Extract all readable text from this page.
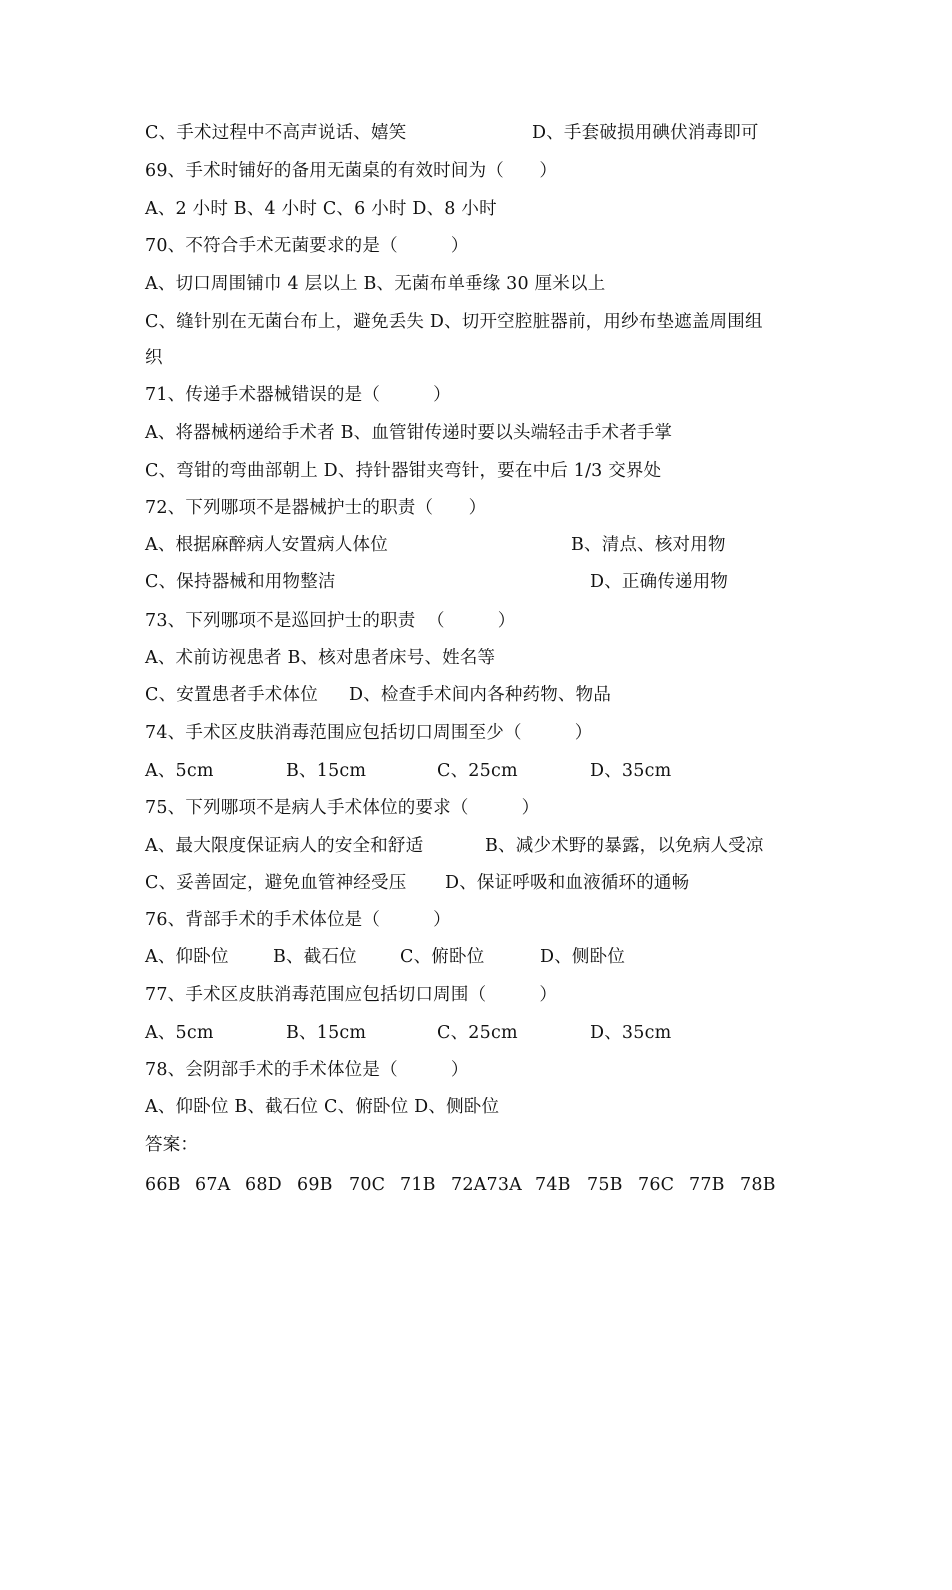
C、手术过程中不高声说话、嬉笑

	D、手套破损用碘伏消毒即可

69、手术时铺好的备用无菌桌的有效时间为（　　）

A、2 小时 B、4 小时 C、6 小时 D、8 小时

70、不符合手术无菌要求的是（　　　）

A、切口周围铺巾 4 层以上 B、无菌布单垂缘 30 厘米以上

C、缝针别在无菌台布上，避免丢失 D、切开空腔脏器前，用纱布垫遮盖周围组

织

71、传递手术器械错误的是（　　　）

A、将器械柄递给手术者 B、血管钳传递时要以头端轻击手术者手掌

C、弯钳的弯曲部朝上 D、持针器钳夹弯针，要在中后 1/3 交界处

72、下列哪项不是器械护士的职责（　　）

A、根据麻醉病人安置病人体位

	B、清点、核对用物

C、保持器械和用物整洁

	D、正确传递用物

73、下列哪项不是巡回护士的职责  （　　　）

A、术前访视患者 B、核对患者床号、姓名等

C、安置患者手术体位

D、检查手术间内各种药物、物品

74、手术区皮肤消毒范围应包括切口周围至少（　　　）

A、5cm

	B、15cm

	C、25cm

	D、35cm

75、下列哪项不是病人手术体位的要求（　　　）

A、最大限度保证病人的安全和舒适

	B、减少术野的暴露，以免病人受凉

C、妥善固定，避免血管神经受压

D、保证呼吸和血液循环的通畅

76、背部手术的手术体位是（　　　）

A、仰卧位

	B、截石位

C、俯卧位

	D、侧卧位

77、手术区皮肤消毒范围应包括切口周围（　　　）

A、5cm

	B、15cm

	C、25cm

	D、35cm

78、会阴部手术的手术体位是（　　　）

A、仰卧位 B、截石位 C、俯卧位 D、侧卧位

答案：

66B

67A

68D

69B

70C

71B

72A73A

74B

75B

76C

77B

78B
